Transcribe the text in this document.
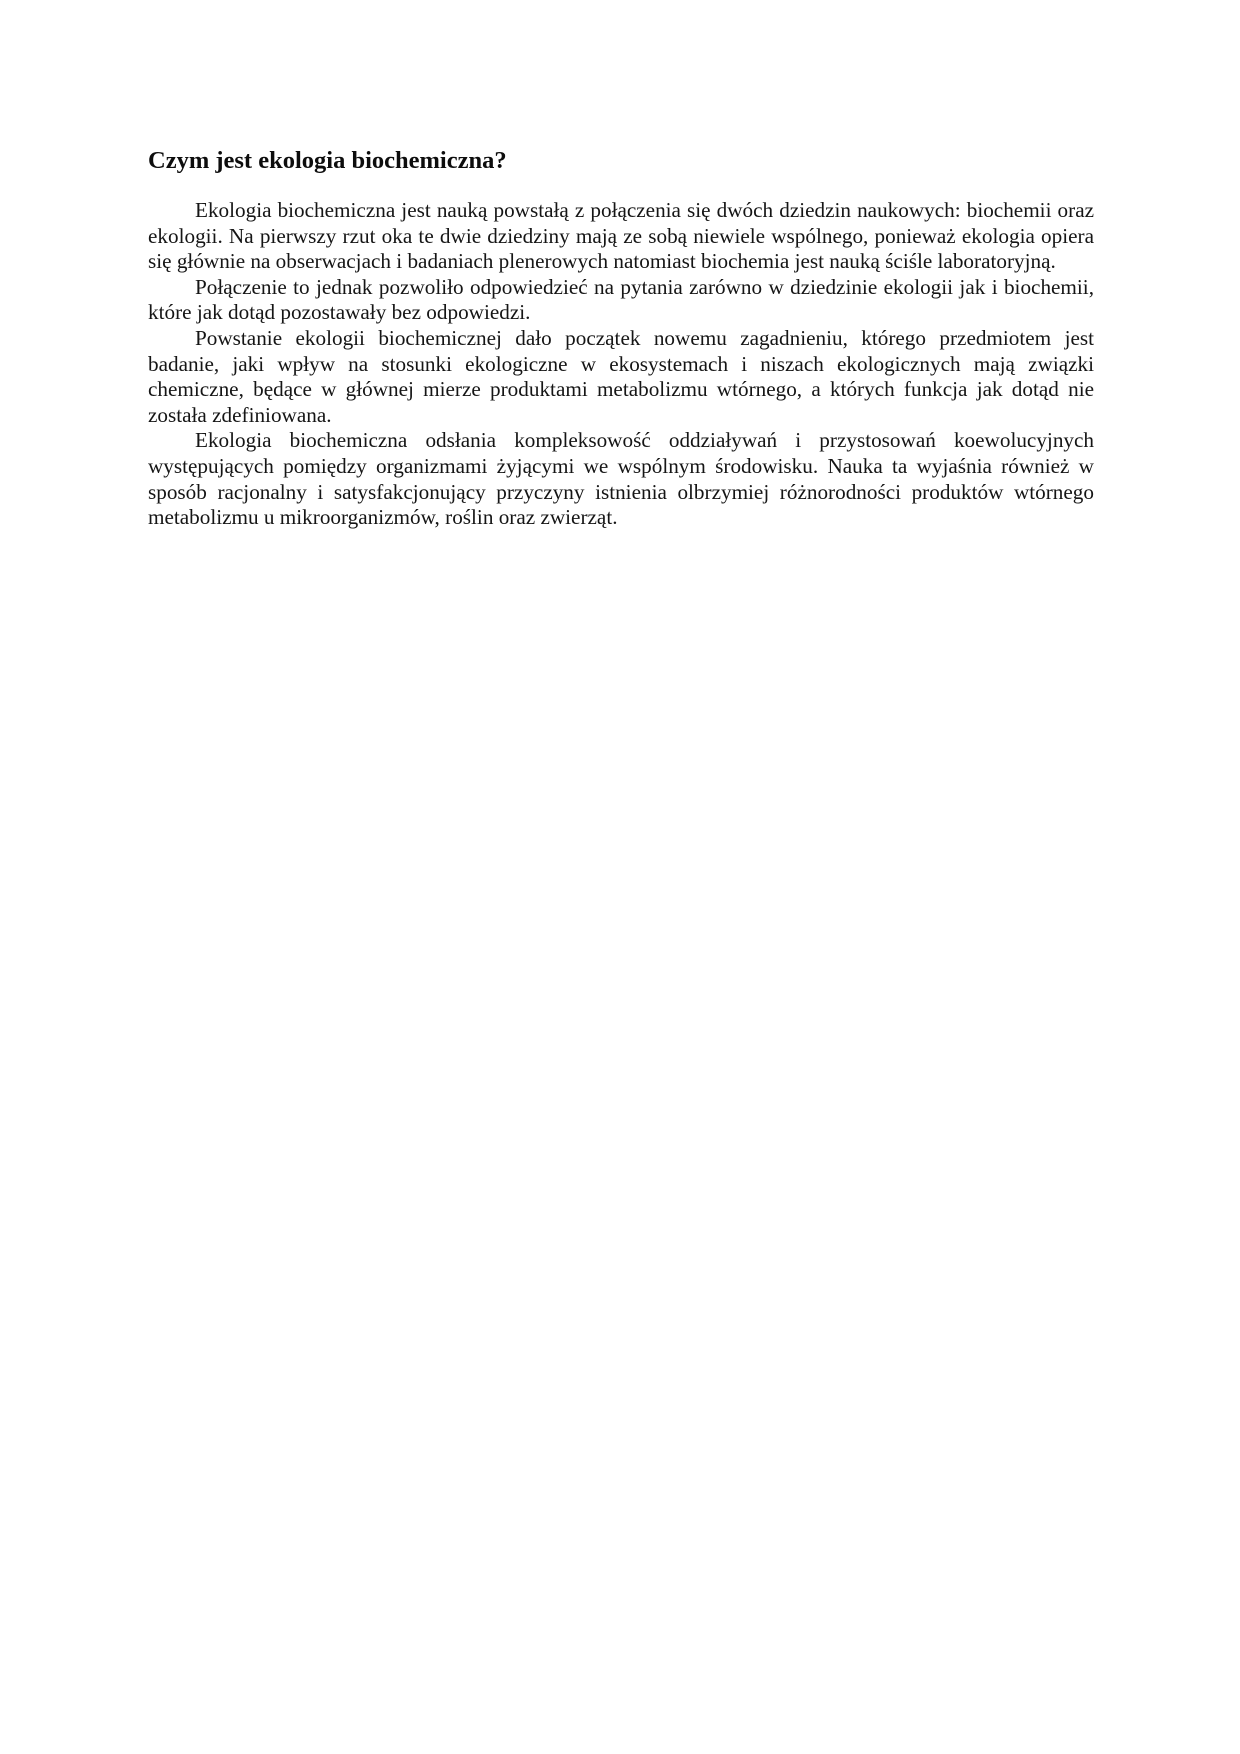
Czym jest ekologia biochemiczna?

Ekologia biochemiczna jest nauką powstałą z połączenia się dwóch dziedzin naukowych: biochemii oraz ekologii. Na pierwszy rzut oka te dwie dziedziny mają ze sobą niewiele wspólnego, ponieważ ekologia opiera się głównie na obserwacjach i badaniach plenerowych natomiast biochemia jest nauką ściśle laboratoryjną.

Połączenie to jednak pozwoliło odpowiedzieć na pytania zarówno w dziedzinie ekologii jak i biochemii, które jak dotąd pozostawały bez odpowiedzi.

Powstanie ekologii biochemicznej dało początek nowemu zagadnieniu, którego przedmiotem jest badanie, jaki wpływ na stosunki ekologiczne w ekosystemach i niszach ekologicznych mają związki chemiczne, będące w głównej mierze produktami metabolizmu wtórnego, a których funkcja jak dotąd nie została zdefiniowana.

Ekologia biochemiczna odsłania kompleksowość oddziaływań i przystosowań koewolucyjnych występujących pomiędzy organizmami żyjącymi we wspólnym środowisku. Nauka ta wyjaśnia również w sposób racjonalny i satysfakcjonujący przyczyny istnienia olbrzymiej różnorodności produktów wtórnego metabolizmu u mikroorganizmów, roślin oraz zwierząt.
